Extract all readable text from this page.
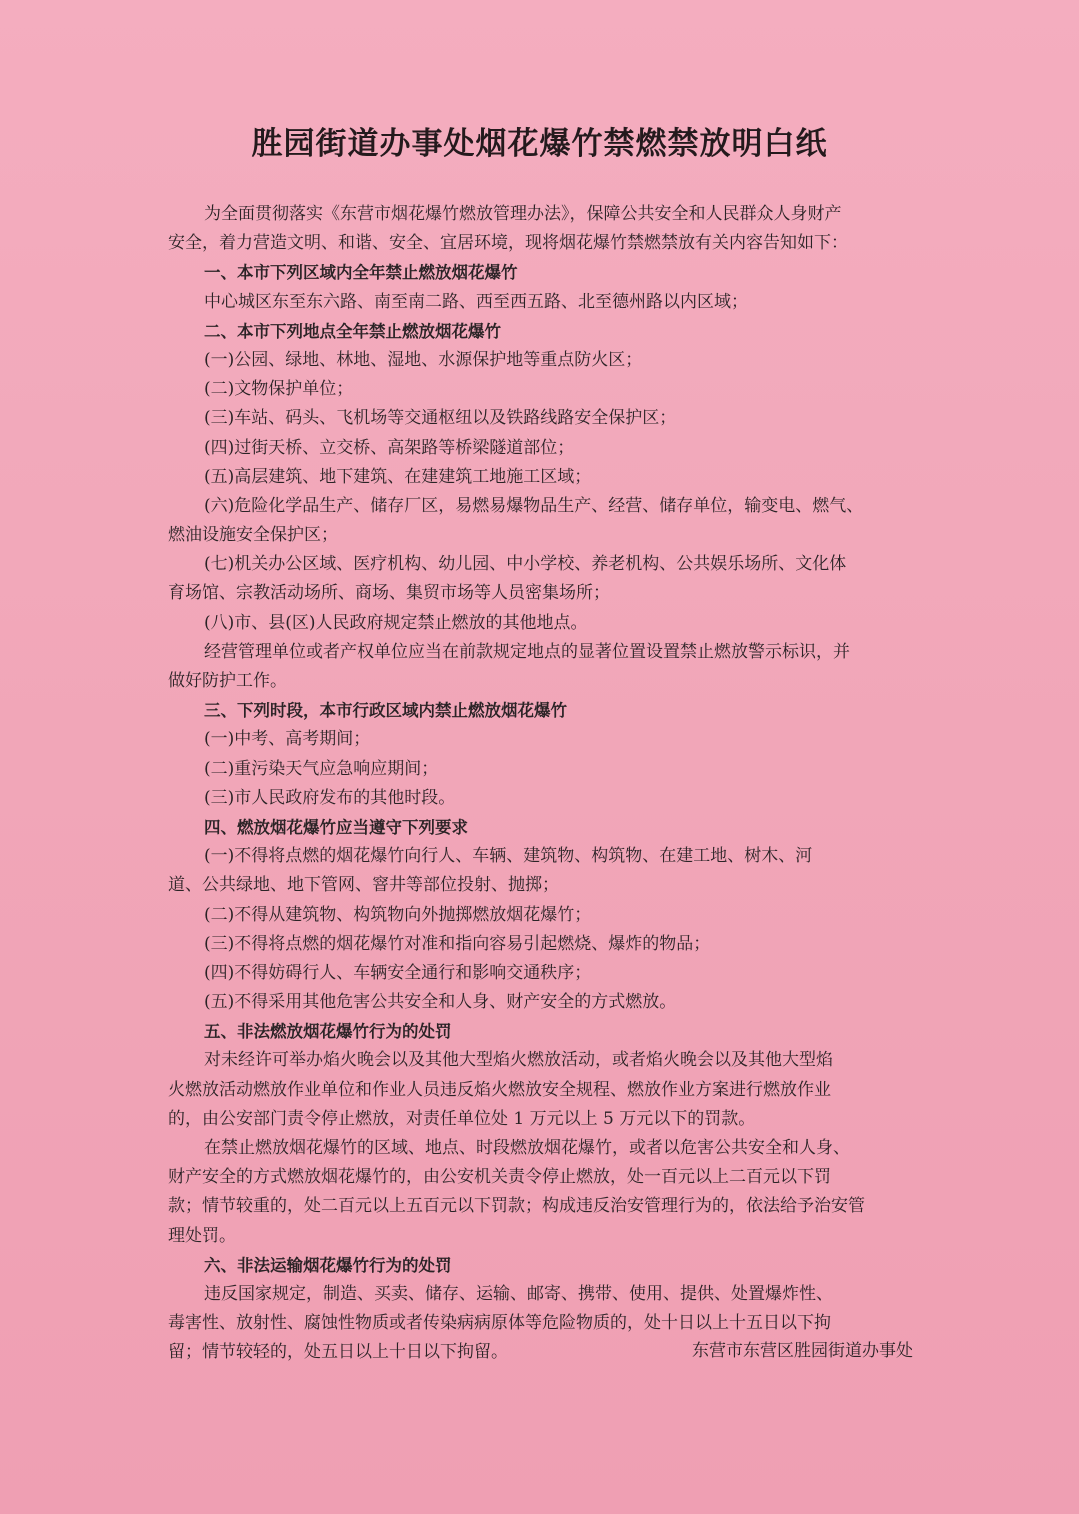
胜园街道办事处烟花爆竹禁燃禁放明白纸
为全面贯彻落实《东营市烟花爆竹燃放管理办法》，保障公共安全和人民群众人身财产
安全，着力营造文明、和谐、安全、宜居环境，现将烟花爆竹禁燃禁放有关内容告知如下：
一、本市下列区域内全年禁止燃放烟花爆竹
中心城区东至东六路、南至南二路、西至西五路、北至德州路以内区域；
二、本市下列地点全年禁止燃放烟花爆竹
(一)公园、绿地、林地、湿地、水源保护地等重点防火区；
(二)文物保护单位；
(三)车站、码头、飞机场等交通枢纽以及铁路线路安全保护区；
(四)过街天桥、立交桥、高架路等桥梁隧道部位；
(五)高层建筑、地下建筑、在建建筑工地施工区域；
(六)危险化学品生产、储存厂区，易燃易爆物品生产、经营、储存单位，输变电、燃气、
燃油设施安全保护区；
(七)机关办公区域、医疗机构、幼儿园、中小学校、养老机构、公共娱乐场所、文化体
育场馆、宗教活动场所、商场、集贸市场等人员密集场所；
(八)市、县(区)人民政府规定禁止燃放的其他地点。
经营管理单位或者产权单位应当在前款规定地点的显著位置设置禁止燃放警示标识，并
做好防护工作。
三、下列时段，本市行政区域内禁止燃放烟花爆竹
(一)中考、高考期间；
(二)重污染天气应急响应期间；
(三)市人民政府发布的其他时段。
四、燃放烟花爆竹应当遵守下列要求
(一)不得将点燃的烟花爆竹向行人、车辆、建筑物、构筑物、在建工地、树木、河
道、公共绿地、地下管网、窨井等部位投射、抛掷；
(二)不得从建筑物、构筑物向外抛掷燃放烟花爆竹；
(三)不得将点燃的烟花爆竹对准和指向容易引起燃烧、爆炸的物品；
(四)不得妨碍行人、车辆安全通行和影响交通秩序；
(五)不得采用其他危害公共安全和人身、财产安全的方式燃放。
五、非法燃放烟花爆竹行为的处罚
对未经许可举办焰火晚会以及其他大型焰火燃放活动，或者焰火晚会以及其他大型焰
火燃放活动燃放作业单位和作业人员违反焰火燃放安全规程、燃放作业方案进行燃放作业
的，由公安部门责令停止燃放，对责任单位处 1 万元以上 5 万元以下的罚款。
在禁止燃放烟花爆竹的区域、地点、时段燃放烟花爆竹，或者以危害公共安全和人身、
财产安全的方式燃放烟花爆竹的，由公安机关责令停止燃放，处一百元以上二百元以下罚
款；情节较重的，处二百元以上五百元以下罚款；构成违反治安管理行为的，依法给予治安管
理处罚。
六、非法运输烟花爆竹行为的处罚
违反国家规定，制造、买卖、储存、运输、邮寄、携带、使用、提供、处置爆炸性、
毒害性、放射性、腐蚀性物质或者传染病病原体等危险物质的，处十日以上十五日以下拘
留；情节较轻的，处五日以上十日以下拘留。	东营市东营区胜园街道办事处
